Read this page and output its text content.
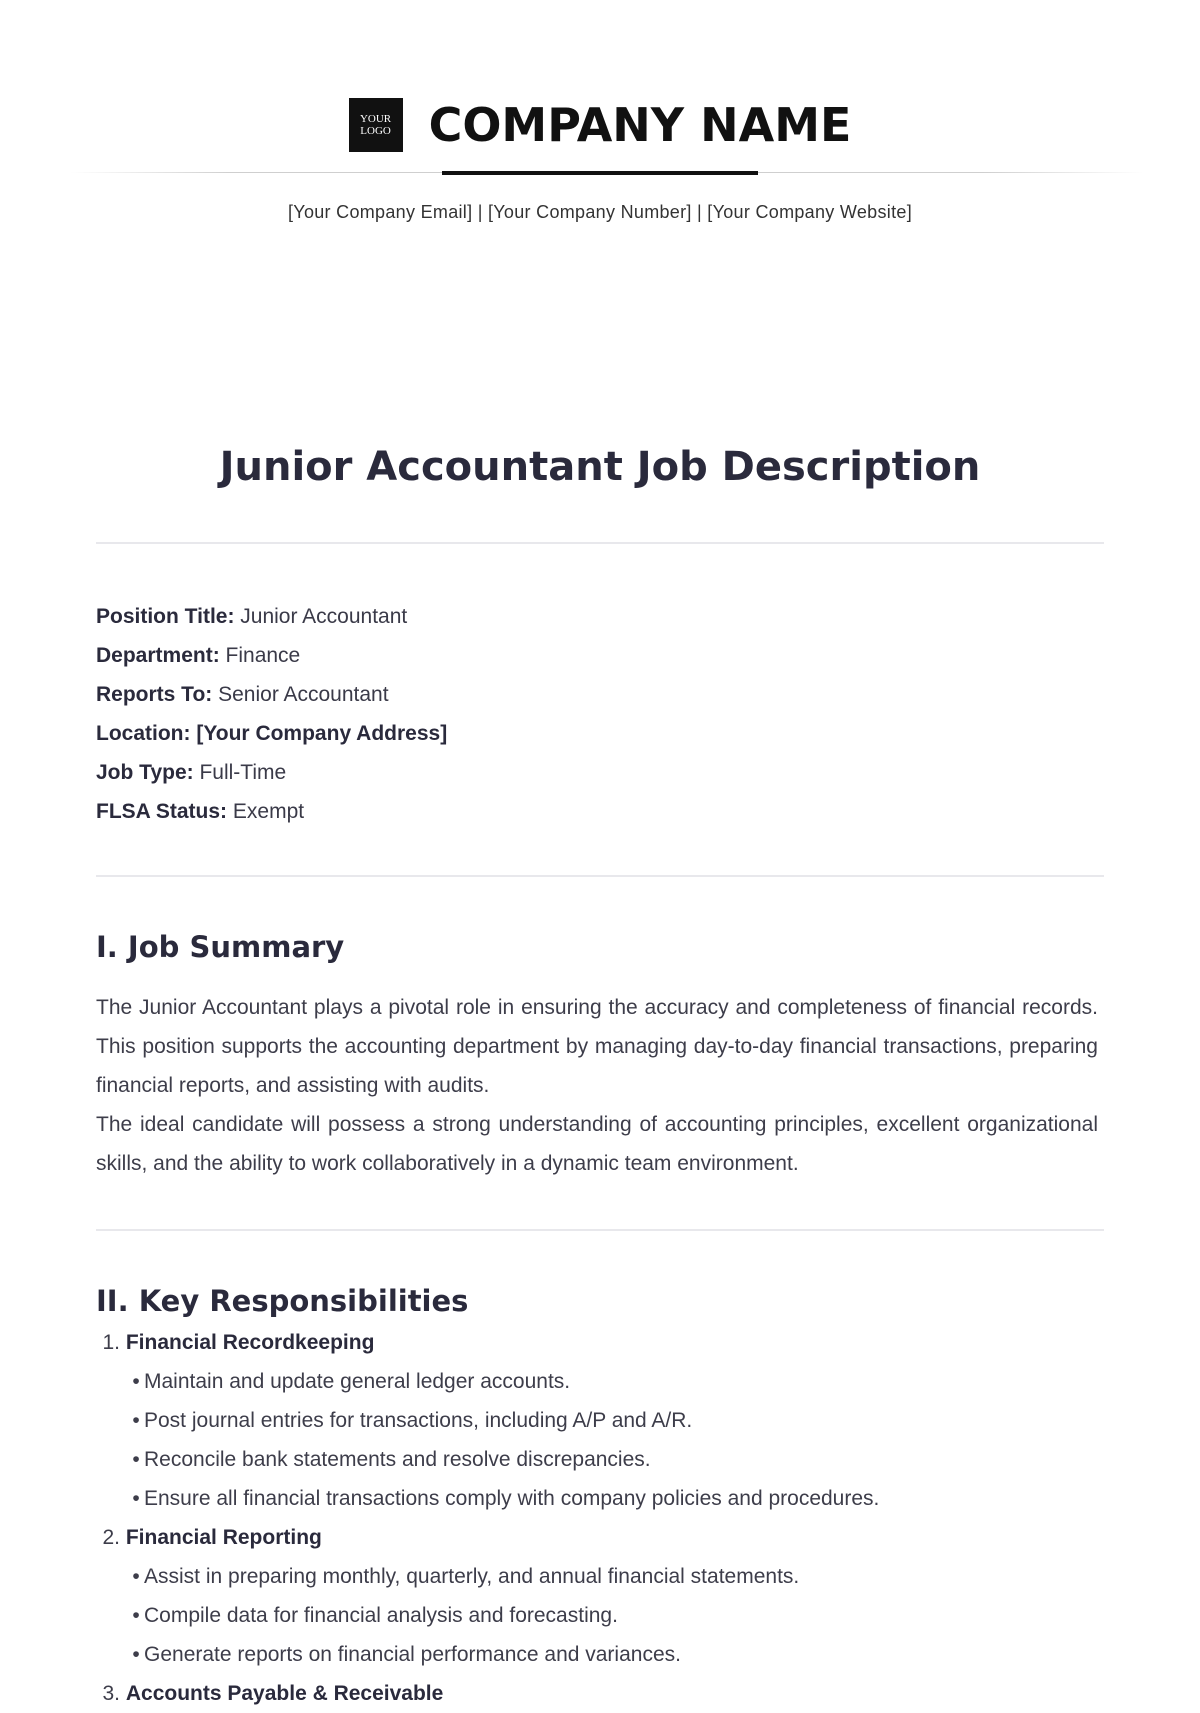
YOUR
LOGO COMPANY NAME
[Your Company Email] | [Your Company Number] | [Your Company Website]
Junior Accountant Job Description
Position Title: Junior Accountant
Department: Finance
Reports To: Senior Accountant
Location: [Your Company Address]
Job Type: Full-Time
FLSA Status: Exempt
I. Job Summary

The Junior Accountant plays a pivotal role in ensuring the accuracy and completeness of financial records. This position supports the accounting department by managing day-to-day financial transactions, preparing financial reports, and assisting with audits.

The ideal candidate will possess a strong understanding of accounting principles, excellent organizational skills, and the ability to work collaboratively in a dynamic team environment.

II. Key Responsibilities
1. Financial Recordkeeping
• Maintain and update general ledger accounts.
• Post journal entries for transactions, including A/P and A/R.
• Reconcile bank statements and resolve discrepancies.
• Ensure all financial transactions comply with company policies and procedures.
2. Financial Reporting
• Assist in preparing monthly, quarterly, and annual financial statements.
• Compile data for financial analysis and forecasting.
• Generate reports on financial performance and variances.
3. Accounts Payable & Receivable
